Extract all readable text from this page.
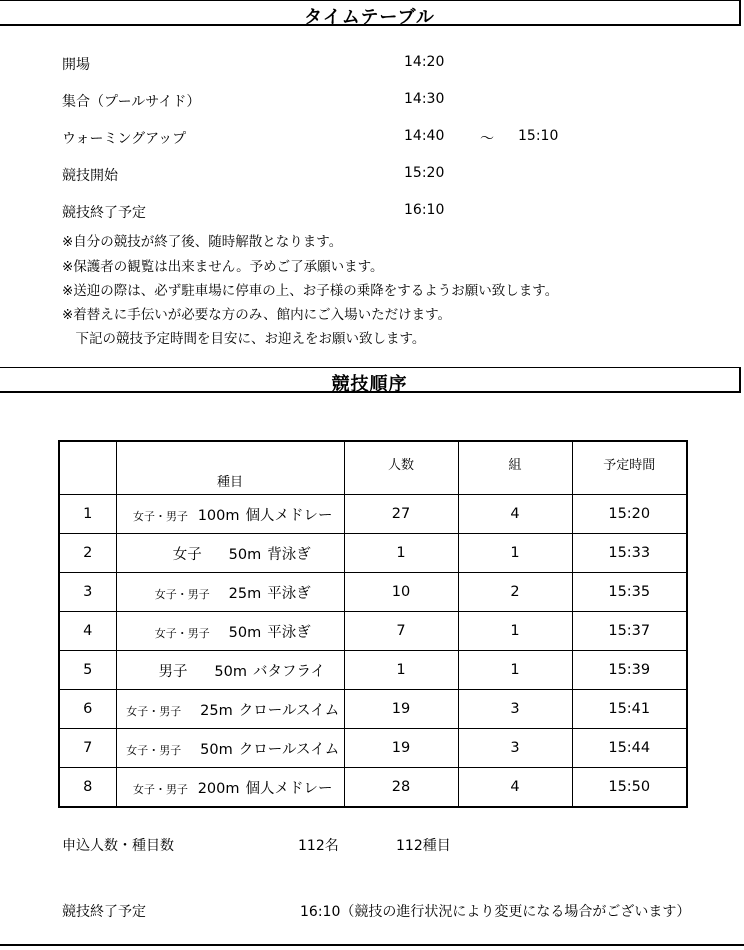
タイムテーブル
開場	14:20
集合（プールサイド）	14:30
ウォーミングアップ	14:40	～ 15:10
競技開始	15:20
競技終了予定	16:10
※自分の競技が終了後、随時解散となります。
※保護者の観覧は出来ません。予めご了承願います。
※送迎の際は、必ず駐車場に停車の上、お子様の乗降をするようお願い致します。
※着替えに手伝いが必要な方のみ、館内にご入場いただけます。
　下記の競技予定時間を目安に、お迎えをお願い致します。
競技順序
	種目	人数	組	予定時間
1	女子・男子 100m 個人メドレー	27	4	15:20
2	女子 50m 背泳ぎ	1	1	15:33
3	女子・男子 25m 平泳ぎ	10	2	15:35
4	女子・男子 50m 平泳ぎ	7	1	15:37
5	男子 50m バタフライ	1	1	15:39
6	女子・男子 25m クロールスイム	19	3	15:41
7	女子・男子 50m クロールスイム	19	3	15:44
8	女子・男子 200m 個人メドレー	28	4	15:50
申込人数・種目数	112名	112種目
競技終了予定	16:10（競技の進行状況により変更になる場合がございます）
